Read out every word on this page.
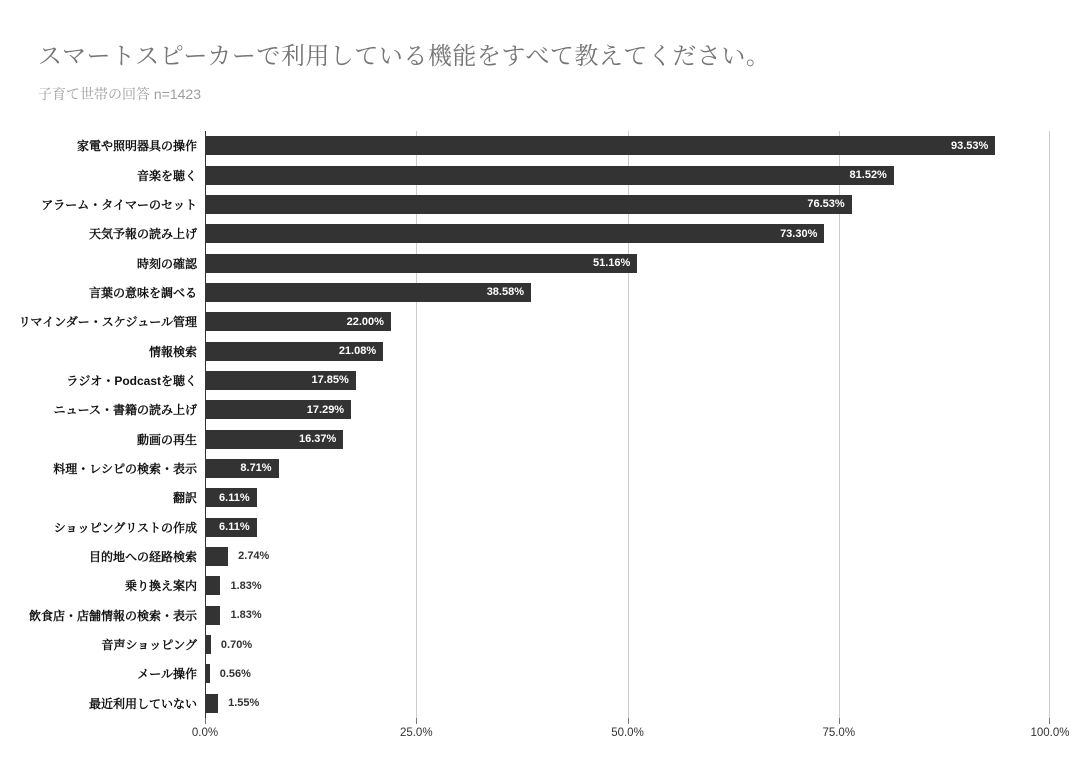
スマートスピーカーで利用している機能をすべて教えてください。
子育て世帯の回答 n=1423
家電や照明器具の操作	93.53%
音楽を聴く	81.52%
アラーム・タイマーのセット	76.53%
天気予報の読み上げ	73.30%
時刻の確認	51.16%
言葉の意味を調べる	38.58%
リマインダー・スケジュール管理	22.00%
情報検索	21.08%
ラジオ・Podcastを聴く	17.85%
ニュース・書籍の読み上げ	17.29%
動画の再生	16.37%
料理・レシピの検索・表示	8.71%
翻訳	6.11%
ショッピングリストの作成	6.11%
目的地への経路検索	2.74%
乗り換え案内	1.83%
飲食店・店舗情報の検索・表示	1.83%
音声ショッピング	0.70%
メール操作	0.56%
最近利用していない	1.55%
0.0%	25.0%	50.0%	75.0%	100.0%
